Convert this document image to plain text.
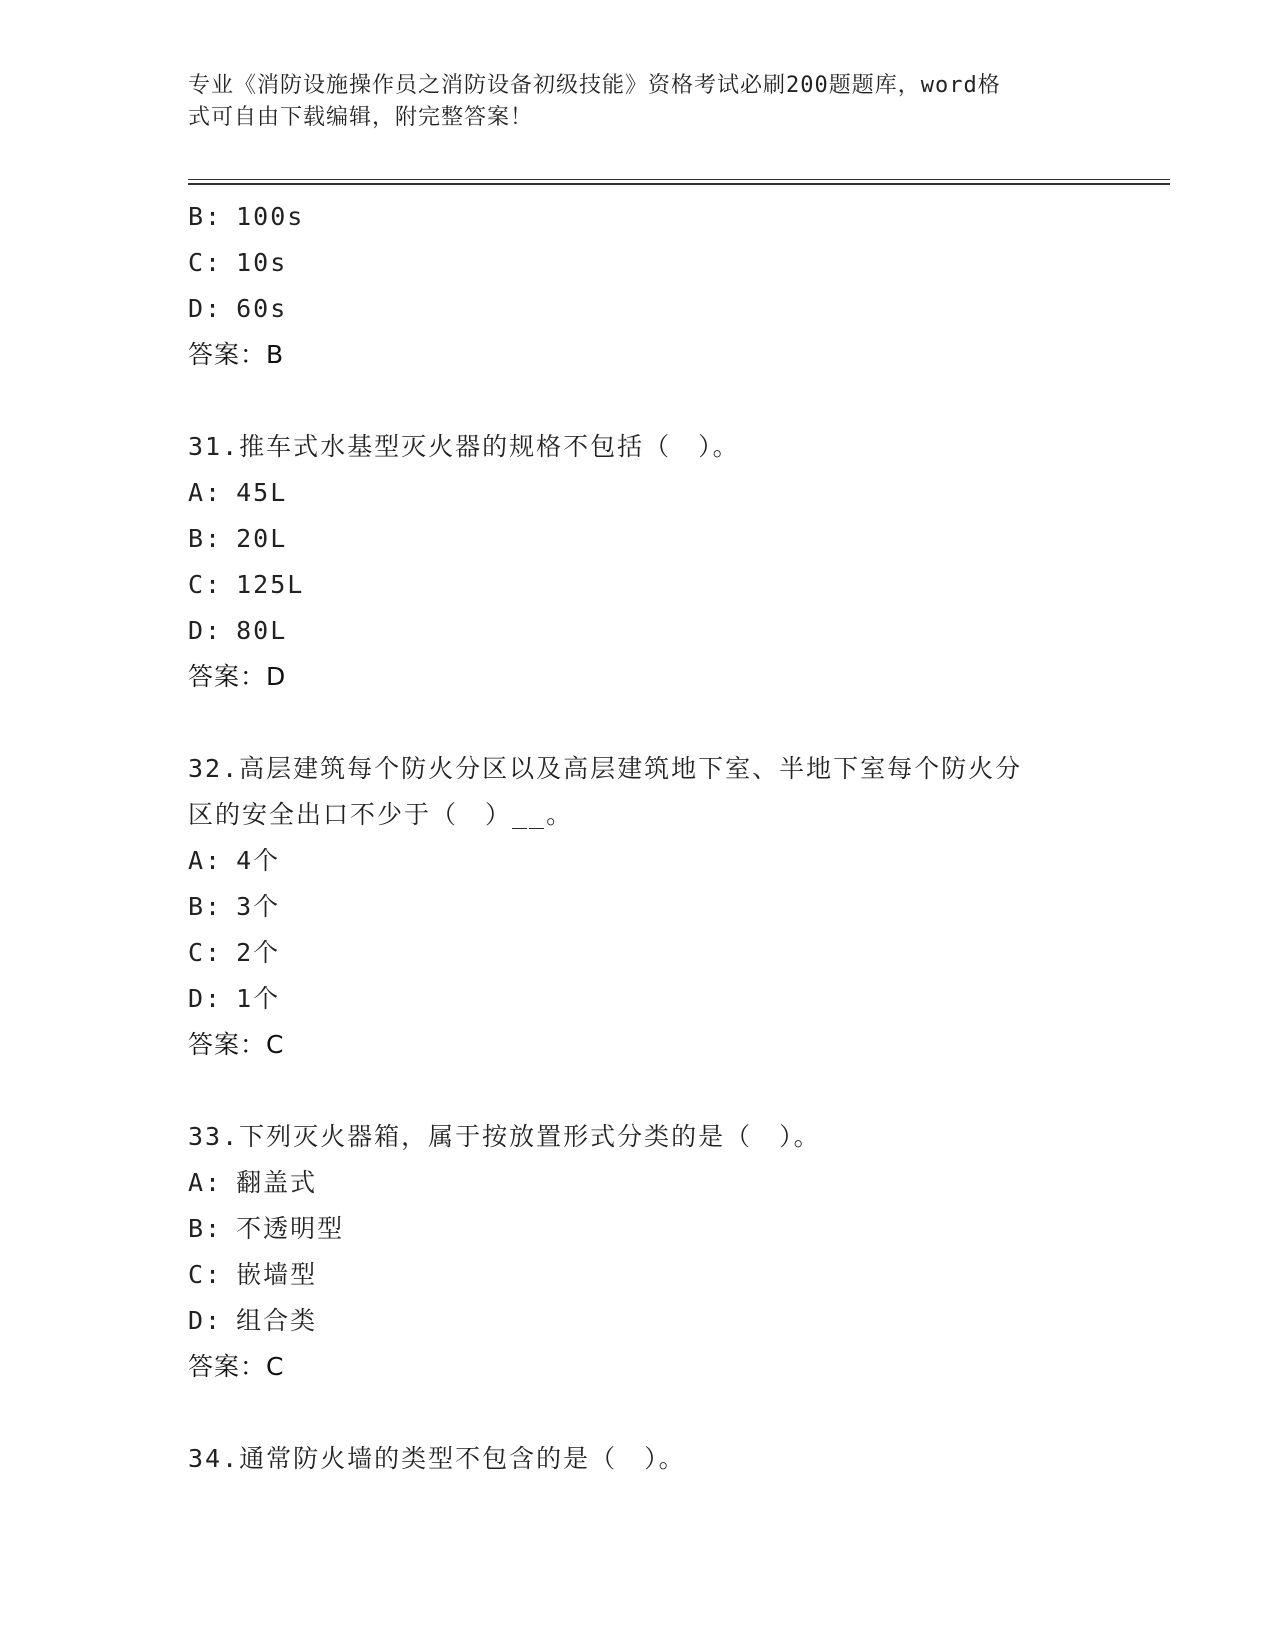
专业《消防设施操作员之消防设备初级技能》资格考试必刷200题题库，word格
式可自由下载编辑，附完整答案！
B: 100s
C: 10s
D: 60s
答案：B
31.推车式水基型灭火器的规格不包括（　）。
A: 45L
B: 20L
C: 125L
D: 80L
答案：D
32.高层建筑每个防火分区以及高层建筑地下室、半地下室每个防火分
区的安全出口不少于（　）__。
A: 4个
B: 3个
C: 2个
D: 1个
答案：C
33.下列灭火器箱，属于按放置形式分类的是（　）。
A: 翻盖式
B: 不透明型
C: 嵌墙型
D: 组合类
答案：C
34.通常防火墙的类型不包含的是（　）。
